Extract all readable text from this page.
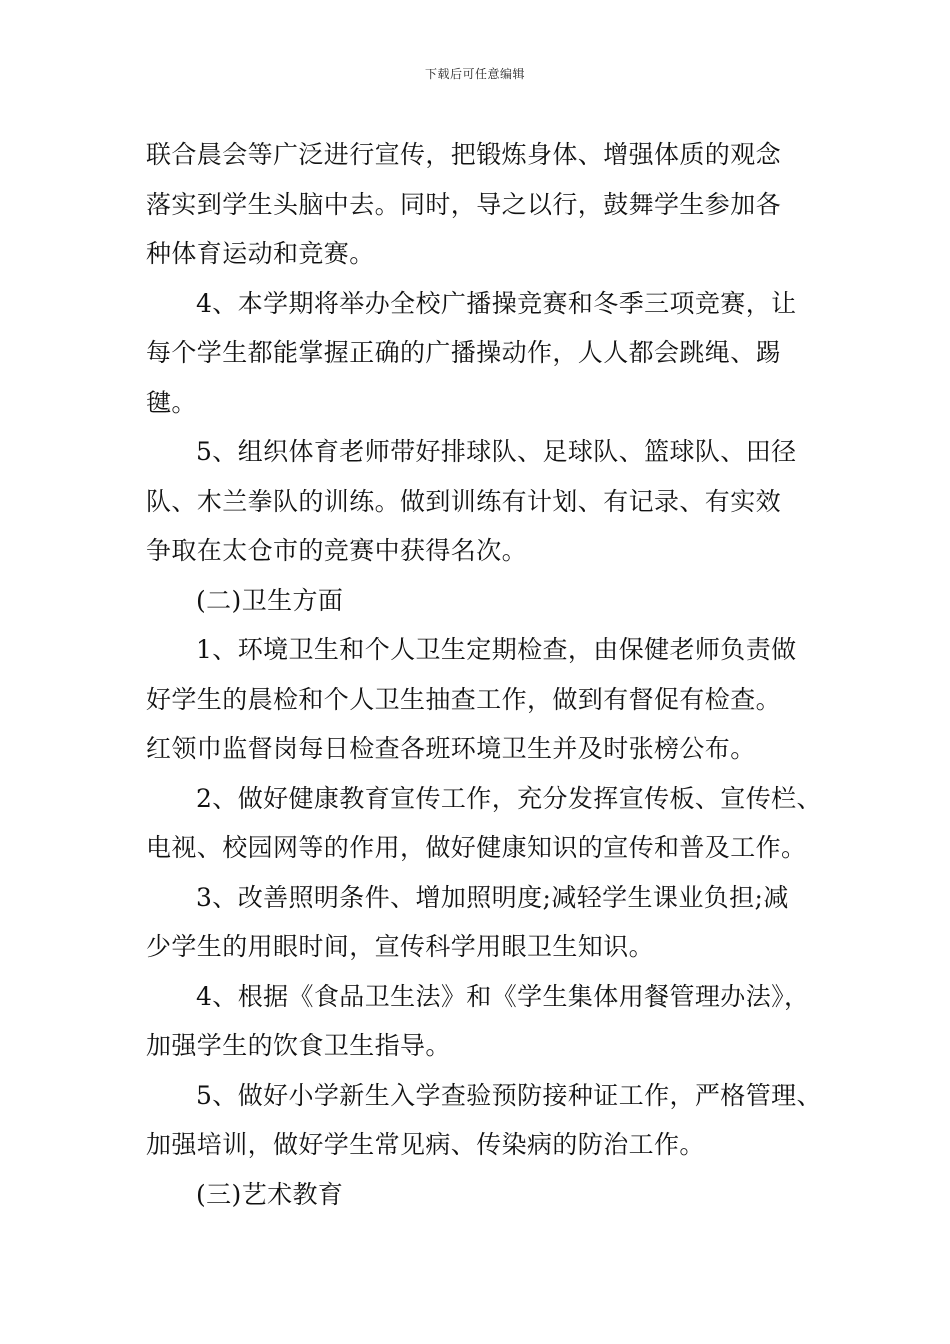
下载后可任意编辑
联合晨会等广泛进行宣传，把锻炼身体、增强体质的观念
落实到学生头脑中去。同时，导之以行，鼓舞学生参加各
种体育运动和竞赛。
4、本学期将举办全校广播操竞赛和冬季三项竞赛，让
每个学生都能掌握正确的广播操动作，人人都会跳绳、踢
毽。
5、组织体育老师带好排球队、足球队、篮球队、田径
队、木兰拳队的训练。做到训练有计划、有记录、有实效
争取在太仓市的竞赛中获得名次。
(二)卫生方面
1、环境卫生和个人卫生定期检查，由保健老师负责做
好学生的晨检和个人卫生抽查工作，做到有督促有检查。
红领巾监督岗每日检查各班环境卫生并及时张榜公布。
2、做好健康教育宣传工作，充分发挥宣传板、宣传栏、
电视、校园网等的作用，做好健康知识的宣传和普及工作。
3、改善照明条件、增加照明度;减轻学生课业负担;减
少学生的用眼时间，宣传科学用眼卫生知识。
4、根据《食品卫生法》和《学生集体用餐管理办法》，
加强学生的饮食卫生指导。
5、做好小学新生入学查验预防接种证工作，严格管理、
加强培训，做好学生常见病、传染病的防治工作。
(三)艺术教育
